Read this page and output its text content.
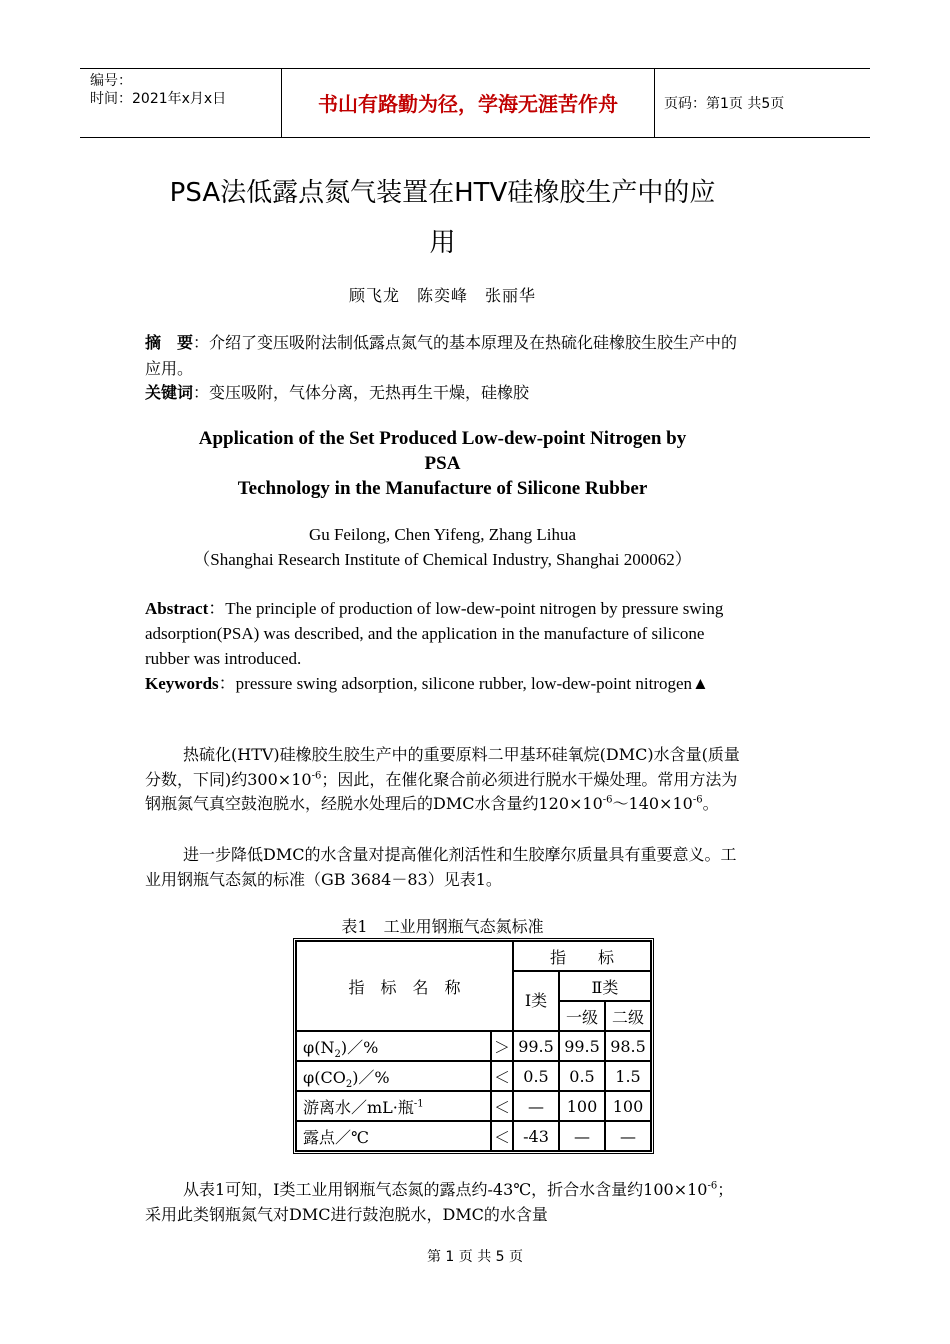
编号：
时间：2021年x月x日	书山有路勤为径，学海无涯苦作舟	页码：第1页 共5页
PSA法低露点氮气装置在HTV硅橡胶生产中的应
用
顾飞龙　陈奕峰　张丽华
摘　要：介绍了变压吸附法制低露点氮气的基本原理及在热硫化硅橡胶生胶生产中的应用。
关键词：变压吸附，气体分离，无热再生干燥，硅橡胶
Application of the Set Produced Low-dew-point Nitrogen by
PSA
Technology in the Manufacture of Silicone Rubber
Gu Feilong, Chen Yifeng, Zhang Lihua
（Shanghai Research Institute of Chemical Industry, Shanghai 200062）
Abstract：The principle of production of low-dew-point nitrogen by pressure swing adsorption(PSA) was described, and the application in the manufacture of silicone rubber was introduced.
Keywords：pressure swing adsorption, silicone rubber, low-dew-point nitrogen▲
热硫化(HTV)硅橡胶生胶生产中的重要原料二甲基环硅氧烷(DMC)水含量(质量分数，下同)约$300\times 10^{-6}$；因此，在催化聚合前必须进行脱水干燥处理。常用方法为钢瓶氮气真空鼓泡脱水，经脱水处理后的DMC水含量约$120\times 10^{-6}\sim 140\times 10^{-6}$。
进一步降低DMC的水含量对提高催化剂活性和生胶摩尔质量具有重要意义。工业用钢瓶气态氮的标准（GB 3684－83）见表1。
表1　工业用钢瓶气态氮标准
指　标　名　称		指　　标		
		Ⅰ类	Ⅱ类	
			一级	二级
$\varphi(N_2)/\%$	＞	99.5	99.5	98.5
$\varphi(CO_2)/\%$	＜	0.5	0.5	1.5
游离水／mL·瓶$^{-1}$	＜	—	100	100
露点／℃	＜	-43	—	—
从表1可知，Ⅰ类工业用钢瓶气态氮的露点约-43℃，折合水含量约$100\times 10^{-6}$；采用此类钢瓶氮气对DMC进行鼓泡脱水，DMC的水含量
第 1 页 共 5 页
